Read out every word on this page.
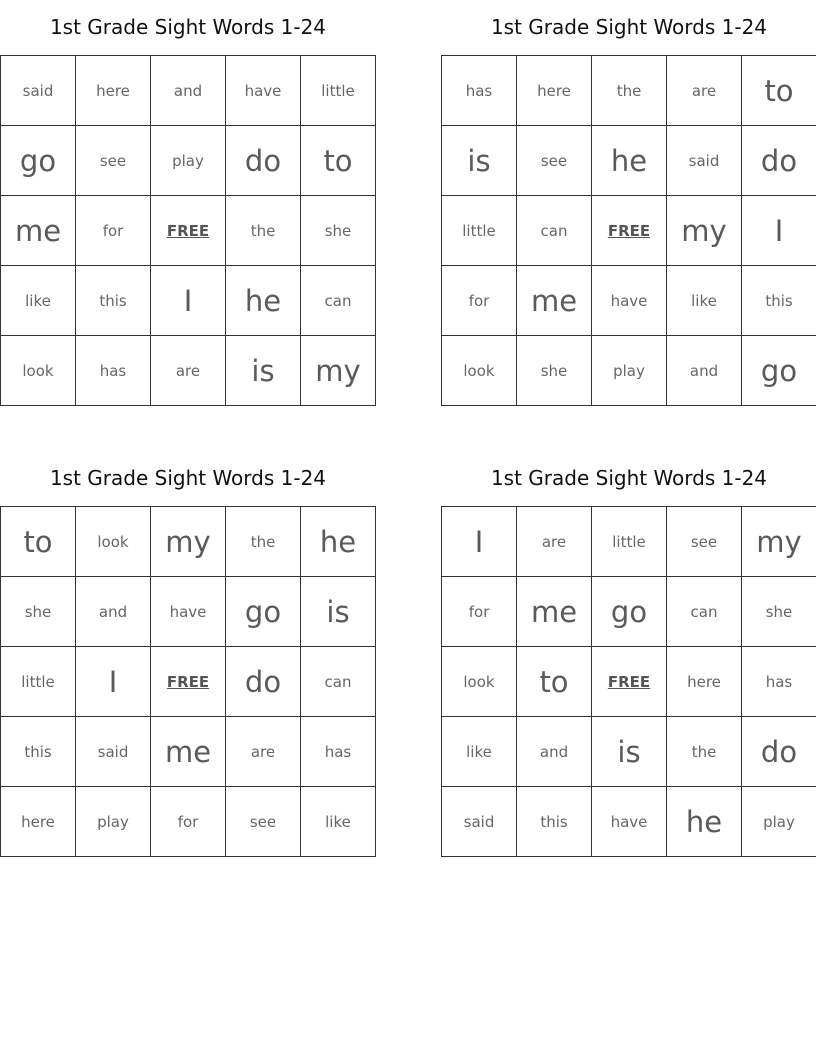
1st Grade Sight Words 1-24
said	here	and	have	little
go	see	play	do	to
me	for	FREE	the	she
like	this	I	he	can
look	has	are	is	my
1st Grade Sight Words 1-24
has	here	the	are	to
is	see	he	said	do
little	can	FREE	my	I
for	me	have	like	this
look	she	play	and	go
1st Grade Sight Words 1-24
to	look	my	the	he
she	and	have	go	is
little	I	FREE	do	can
this	said	me	are	has
here	play	for	see	like
1st Grade Sight Words 1-24
I	are	little	see	my
for	me	go	can	she
look	to	FREE	here	has
like	and	is	the	do
said	this	have	he	play
